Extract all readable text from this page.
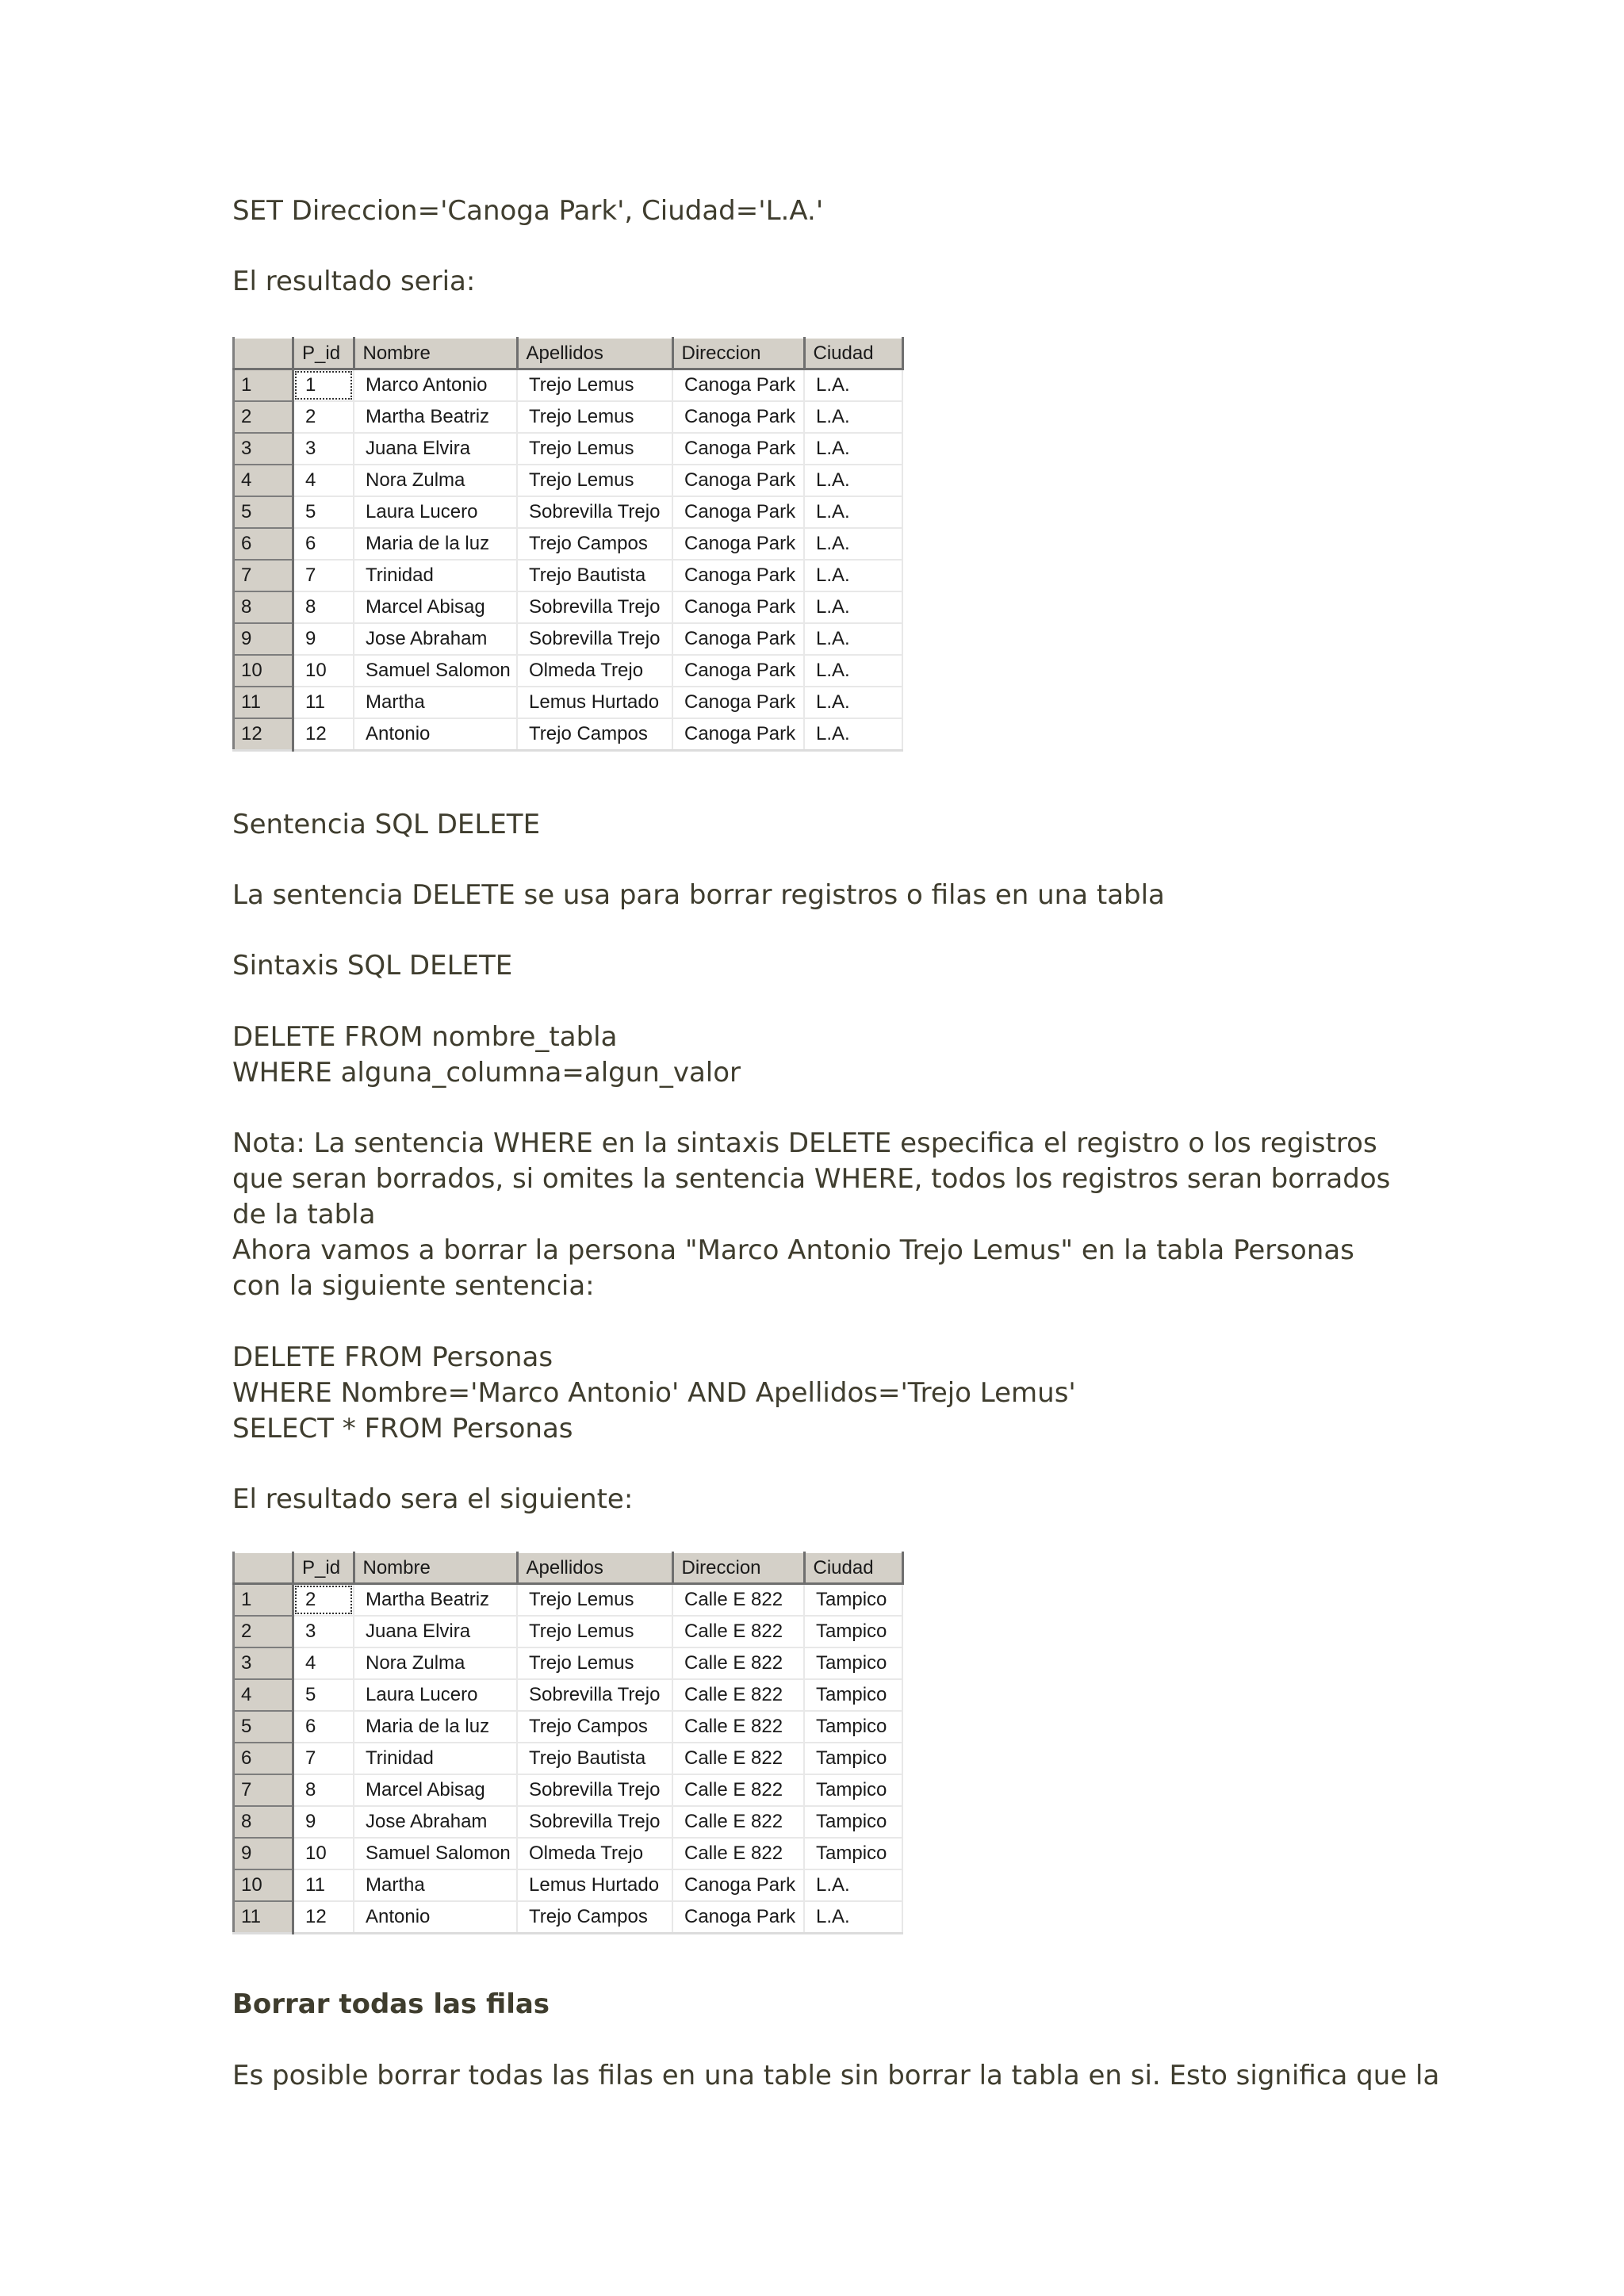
SET Direccion='Canoga Park', Ciudad='L.A.'
El resultado seria:
	P_id	Nombre	Apellidos	Direccion	Ciudad
1	1	Marco Antonio	Trejo Lemus	Canoga Park	L.A.
2	2	Martha Beatriz	Trejo Lemus	Canoga Park	L.A.
3	3	Juana Elvira	Trejo Lemus	Canoga Park	L.A.
4	4	Nora Zulma	Trejo Lemus	Canoga Park	L.A.
5	5	Laura Lucero	Sobrevilla Trejo	Canoga Park	L.A.
6	6	Maria de la luz	Trejo Campos	Canoga Park	L.A.
7	7	Trinidad	Trejo Bautista	Canoga Park	L.A.
8	8	Marcel Abisag	Sobrevilla Trejo	Canoga Park	L.A.
9	9	Jose Abraham	Sobrevilla Trejo	Canoga Park	L.A.
10	10	Samuel Salomon	Olmeda Trejo	Canoga Park	L.A.
11	11	Martha	Lemus Hurtado	Canoga Park	L.A.
12	12	Antonio	Trejo Campos	Canoga Park	L.A.
Sentencia SQL DELETE
La sentencia DELETE se usa para borrar registros o filas en una tabla
Sintaxis SQL DELETE
DELETE FROM nombre_tabla
WHERE alguna_columna=algun_valor
Nota: La sentencia WHERE en la sintaxis DELETE especifica el registro o los registros que seran borrados, si omites la sentencia WHERE, todos los registros seran borrados de la tabla
Ahora vamos a borrar la persona "Marco Antonio Trejo Lemus" en la tabla Personas con la siguiente sentencia:
DELETE FROM Personas
WHERE Nombre='Marco Antonio' AND Apellidos='Trejo Lemus'
SELECT * FROM Personas
El resultado sera el siguiente:
	P_id	Nombre	Apellidos	Direccion	Ciudad
1	2	Martha Beatriz	Trejo Lemus	Calle E 822	Tampico
2	3	Juana Elvira	Trejo Lemus	Calle E 822	Tampico
3	4	Nora Zulma	Trejo Lemus	Calle E 822	Tampico
4	5	Laura Lucero	Sobrevilla Trejo	Calle E 822	Tampico
5	6	Maria de la luz	Trejo Campos	Calle E 822	Tampico
6	7	Trinidad	Trejo Bautista	Calle E 822	Tampico
7	8	Marcel Abisag	Sobrevilla Trejo	Calle E 822	Tampico
8	9	Jose Abraham	Sobrevilla Trejo	Calle E 822	Tampico
9	10	Samuel Salomon	Olmeda Trejo	Calle E 822	Tampico
10	11	Martha	Lemus Hurtado	Canoga Park	L.A.
11	12	Antonio	Trejo Campos	Canoga Park	L.A.
Borrar todas las filas
Es posible borrar todas las filas en una table sin borrar la tabla en si. Esto significa que la
